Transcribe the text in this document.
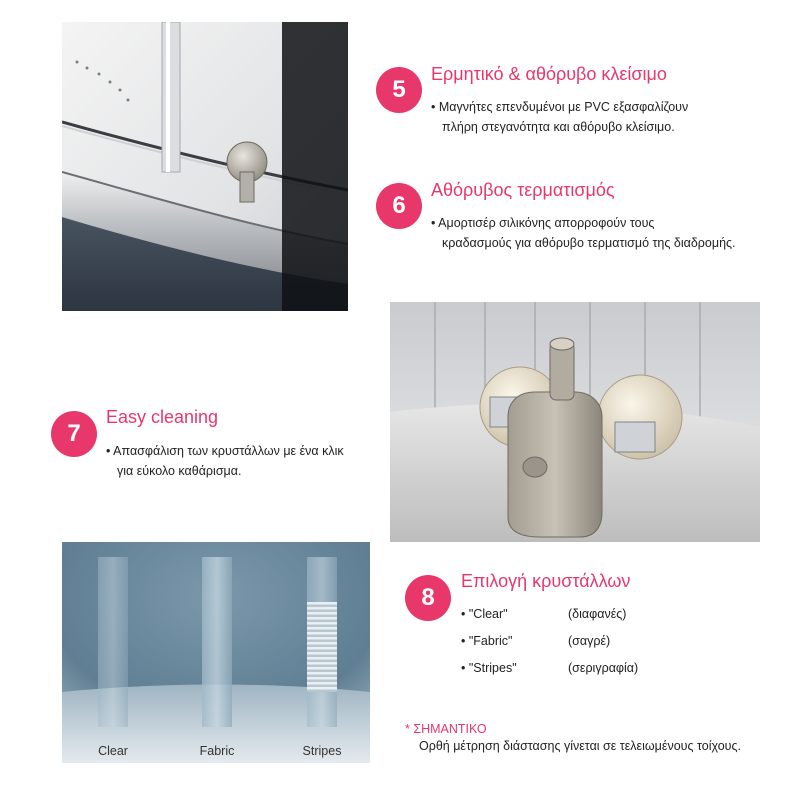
5
Ερμητικό & αθόρυβο κλείσιμο
• Μαγνήτες επενδυμένοι με PVC εξασφαλίζουν
πλήρη στεγανότητα και αθόρυβο κλείσιμο.
6
Αθόρυβος τερματισμός
• Αμορτισέρ σιλικόνης απορροφούν τους
κραδασμούς για αθόρυβο τερματισμό της διαδρομής.
7
Easy cleaning
• Απασφάλιση των κρυστάλλων με ένα κλικ
για εύκολο καθάρισμα.
Clear	Fabric	Stripes
8
Επιλογή κρυστάλλων
• "Clear"	(διαφανές)
• "Fabric"	(σαγρέ)
• "Stripes"	(σεριγραφία)
* ΣΗΜΑΝΤΙΚΟ
Ορθή μέτρηση διάστασης γίνεται σε τελειωμένους τοίχους.
